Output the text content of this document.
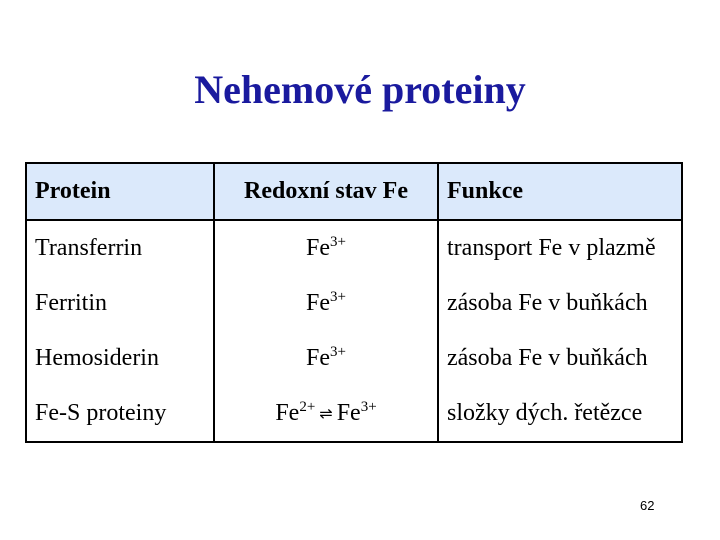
Nehemové proteiny
Protein	Redoxní stav Fe	Funkce
Transferrin	$Fe^{3+}$	transport Fe v plazmě
Ferritin	$Fe^{3+}$	zásoba Fe v buňkách
Hemosiderin	$Fe^{3+}$	zásoba Fe v buňkách
Fe-S proteiny	$Fe^{2+}$ ⇌ $Fe^{3+}$	složky dých. řetězce
62
